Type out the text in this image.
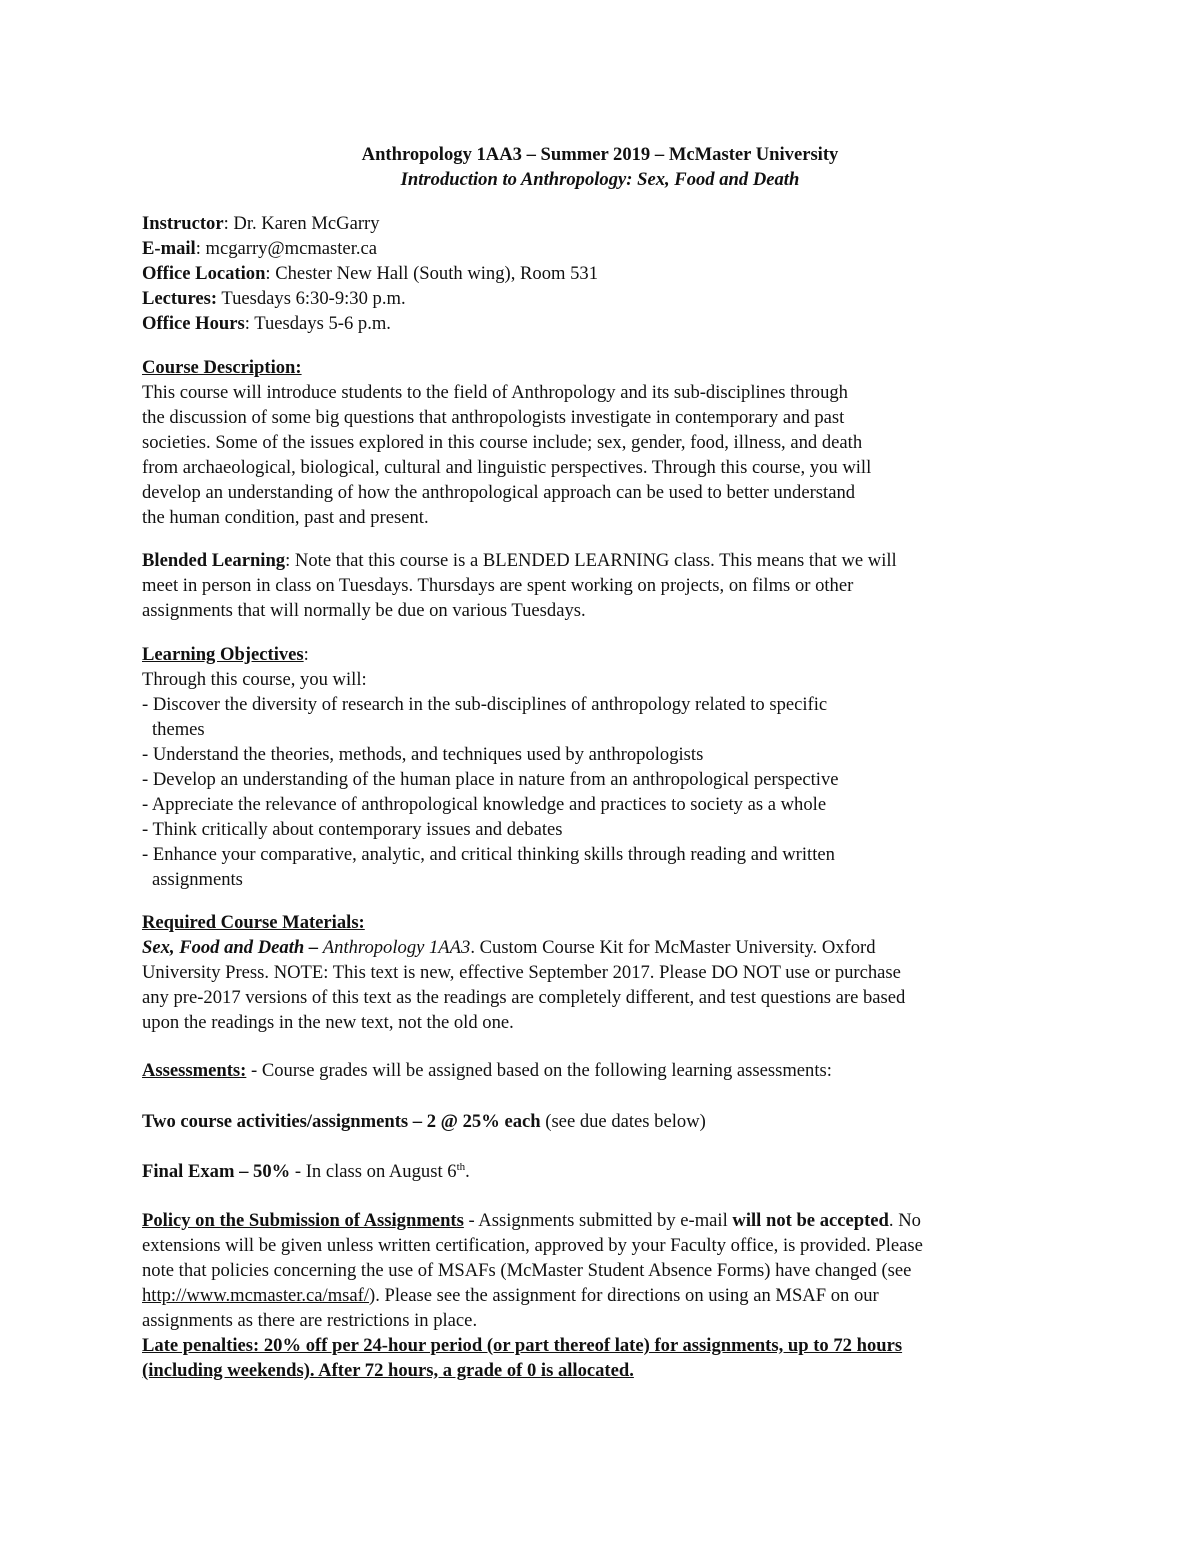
Anthropology 1AA3 – Summer 2019 – McMaster University
Introduction to Anthropology: Sex, Food and Death
Instructor: Dr. Karen McGarry
E-mail: mcgarry@mcmaster.ca
Office Location: Chester New Hall (South wing), Room 531
Lectures: Tuesdays 6:30-9:30 p.m.
Office Hours: Tuesdays 5-6 p.m.
Course Description:
This course will introduce students to the field of Anthropology and its sub-disciplines through
the discussion of some big questions that anthropologists investigate in contemporary and past
societies. Some of the issues explored in this course include; sex, gender, food, illness, and death
from archaeological, biological, cultural and linguistic perspectives. Through this course, you will
develop an understanding of how the anthropological approach can be used to better understand
the human condition, past and present.
Blended Learning: Note that this course is a BLENDED LEARNING class. This means that we will
meet in person in class on Tuesdays. Thursdays are spent working on projects, on films or other
assignments that will normally be due on various Tuesdays.
Learning Objectives:
Through this course, you will:
- Discover the diversity of research in the sub-disciplines of anthropology related to specific
themes
- Understand the theories, methods, and techniques used by anthropologists
- Develop an understanding of the human place in nature from an anthropological perspective
- Appreciate the relevance of anthropological knowledge and practices to society as a whole
- Think critically about contemporary issues and debates
- Enhance your comparative, analytic, and critical thinking skills through reading and written
assignments
Required Course Materials:
Sex, Food and Death – Anthropology 1AA3. Custom Course Kit for McMaster University. Oxford
University Press. NOTE: This text is new, effective September 2017. Please DO NOT use or purchase
any pre-2017 versions of this text as the readings are completely different, and test questions are based
upon the readings in the new text, not the old one.
Assessments: - Course grades will be assigned based on the following learning assessments:
Two course activities/assignments – 2 @ 25% each (see due dates below)
Final Exam – 50% - In class on August 6th.
Policy on the Submission of Assignments - Assignments submitted by e-mail will not be accepted. No
extensions will be given unless written certification, approved by your Faculty office, is provided. Please
note that policies concerning the use of MSAFs (McMaster Student Absence Forms) have changed (see
http://www.mcmaster.ca/msaf/). Please see the assignment for directions on using an MSAF on our
assignments as there are restrictions in place.
Late penalties: 20% off per 24-hour period (or part thereof late) for assignments, up to 72 hours
(including weekends). After 72 hours, a grade of 0 is allocated.
